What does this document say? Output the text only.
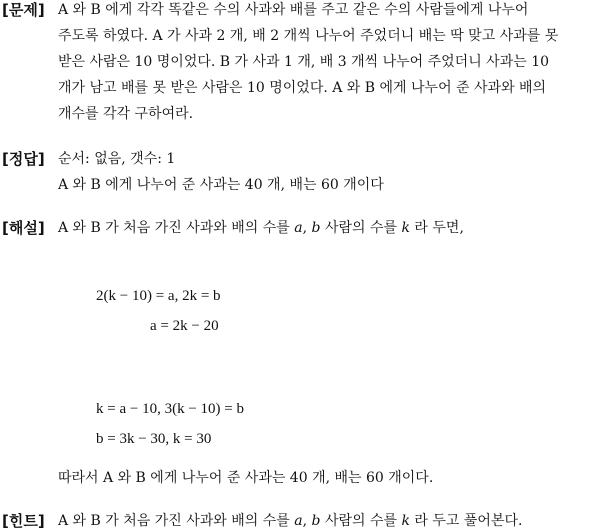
[문제] A 와 B 에게 각각 똑같은 수의 사과와 배를 주고 같은 수의 사람들에게 나누어
주도록 하였다. A 가 사과 2 개, 배 2 개씩 나누어 주었더니 배는 딱 맞고 사과를 못
받은 사람은 10 명이었다. B 가 사과 1 개, 배 3 개씩 나누어 주었더니 사과는 10
개가 남고 배를 못 받은 사람은 10 명이었다. A 와 B 에게 나누어 준 사과와 배의
개수를 각각 구하여라.
[정답] 순서: 없음, 갯수: 1
A 와 B 에게 나누어 준 사과는 40 개, 배는 60 개이다
[해설] A 와 B 가 처음 가진 사과와 배의 수를 a, b 사람의 수를 k 라 두면,
2(k − 10) = a, 2k = b
a = 2k − 20
k = a − 10, 3(k − 10) = b
b = 3k − 30, k = 30
따라서 A 와 B 에게 나누어 준 사과는 40 개, 배는 60 개이다.
[힌트] A 와 B 가 처음 가진 사과와 배의 수를 a, b 사람의 수를 k 라 두고 풀어본다.
